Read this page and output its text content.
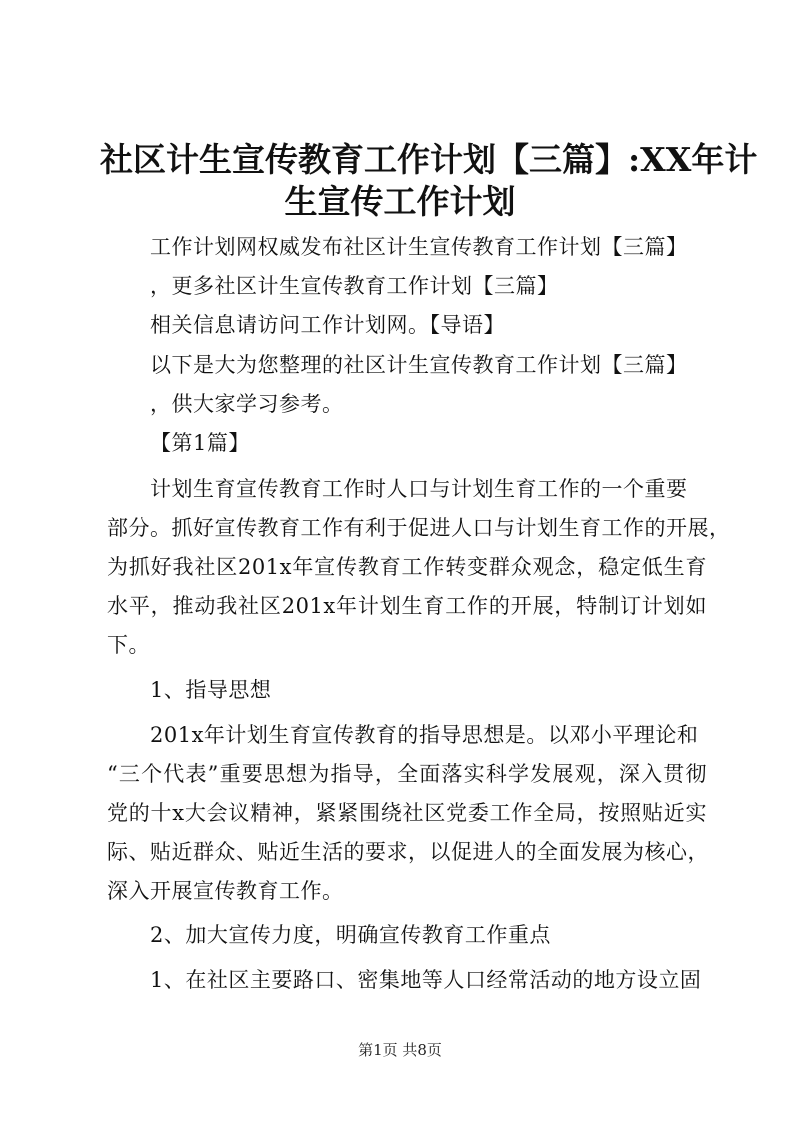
社区计生宣传教育工作计划【三篇】:XX年计
生宣传工作计划
工作计划网权威发布社区计生宣传教育工作计划【三篇】
，更多社区计生宣传教育工作计划【三篇】
相关信息请访问工作计划网。【导语】
以下是大为您整理的社区计生宣传教育工作计划【三篇】
，供大家学习参考。
【第1篇】
计划生育宣传教育工作时人口与计划生育工作的一个重要
部分。抓好宣传教育工作有利于促进人口与计划生育工作的开展，
为抓好我社区201x年宣传教育工作转变群众观念，稳定低生育
水平，推动我社区201x年计划生育工作的开展，特制订计划如
下。
1、指导思想
201x年计划生育宣传教育的指导思想是。以邓小平理论和
“三个代表”重要思想为指导，全面落实科学发展观，深入贯彻
党的十x大会议精神，紧紧围绕社区党委工作全局，按照贴近实
际、贴近群众、贴近生活的要求，以促进人的全面发展为核心，
深入开展宣传教育工作。
2、加大宣传力度，明确宣传教育工作重点
1、在社区主要路口、密集地等人口经常活动的地方设立固
第1页 共8页
